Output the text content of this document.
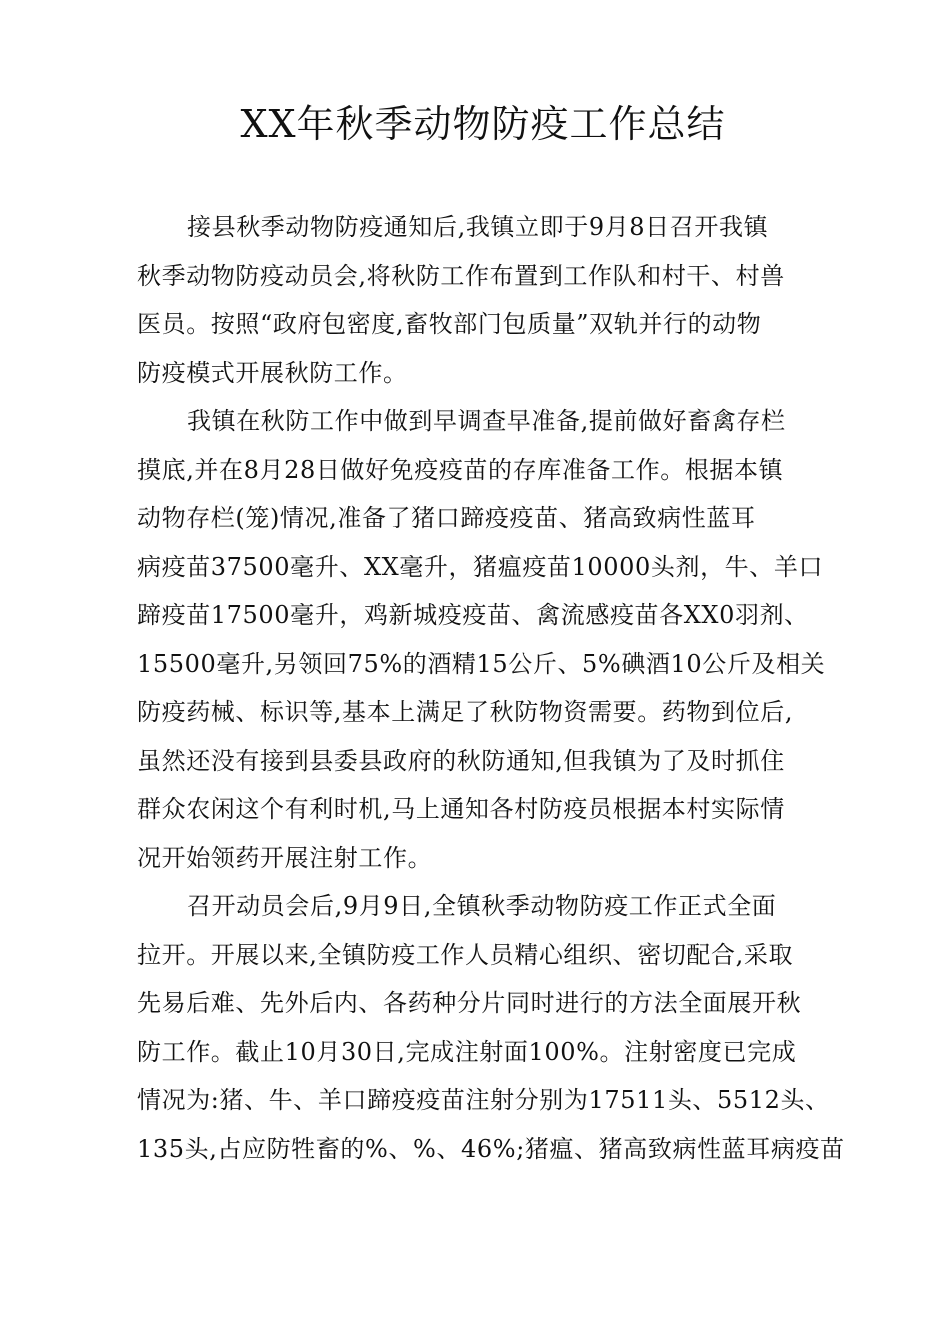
XX年秋季动物防疫工作总结
接县秋季动物防疫通知后,我镇立即于9月8日召开我镇
秋季动物防疫动员会,将秋防工作布置到工作队和村干、村兽
医员。按照“政府包密度,畜牧部门包质量”双轨并行的动物
防疫模式开展秋防工作。
我镇在秋防工作中做到早调查早准备,提前做好畜禽存栏
摸底,并在8月28日做好免疫疫苗的存库准备工作。根据本镇
动物存栏(笼)情况,准备了猪口蹄疫疫苗、猪高致病性蓝耳
病疫苗37500毫升、XX毫升，猪瘟疫苗10000头剂，牛、羊口
蹄疫苗17500毫升，鸡新城疫疫苗、禽流感疫苗各XX0羽剂、
15500毫升,另领回75%的酒精15公斤、5%碘酒10公斤及相关
防疫药械、标识等,基本上满足了秋防物资需要。药物到位后,
虽然还没有接到县委县政府的秋防通知,但我镇为了及时抓住
群众农闲这个有利时机,马上通知各村防疫员根据本村实际情
况开始领药开展注射工作。
召开动员会后,9月9日,全镇秋季动物防疫工作正式全面
拉开。开展以来,全镇防疫工作人员精心组织、密切配合,采取
先易后难、先外后内、各药种分片同时进行的方法全面展开秋
防工作。截止10月30日,完成注射面100%。注射密度已完成
情况为:猪、牛、羊口蹄疫疫苗注射分别为17511头、5512头、
135头,占应防牲畜的%、%、46%;猪瘟、猪高致病性蓝耳病疫苗
